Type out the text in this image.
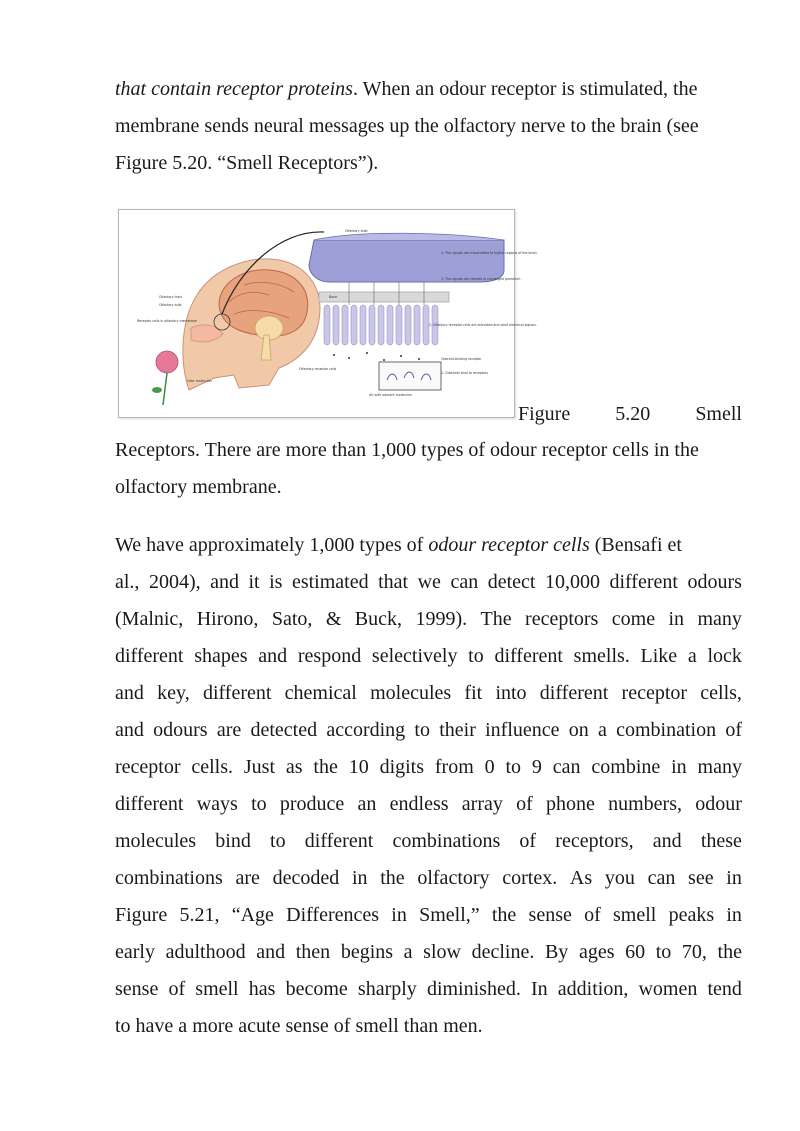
that contain receptor proteins. When an odour receptor is stimulated, the
membrane sends neural messages up the olfactory nerve to the brain (see
Figure 5.20. “Smell Receptors”).
Olfactory bulb
4. The signals are transmitted to higher regions of the brain.
3. The signals are relayed in converged glomeruli.
Bone
Olfactory tract
Olfactory bulb
Receptor cells in olfactory membrane
2. Olfactory receptor cells are activated and send electrical signals.
Odorant-binding receptor
Olfactory receptor cells
Odor molecules
Air with odorant molecules
1. Odorants bind to receptors
Figure 5.20 Smell
Receptors. There are more than 1,000 types of odour receptor cells in the
olfactory membrane.
We have approximately 1,000 types of odour receptor cells (Bensafi et
al., 2004), and it is estimated that we can detect 10,000 different odours
(Malnic, Hirono, Sato, & Buck, 1999). The receptors come in many
different shapes and respond selectively to different smells. Like a lock
and key, different chemical molecules fit into different receptor cells,
and odours are detected according to their influence on a combination of
receptor cells. Just as the 10 digits from 0 to 9 can combine in many
different ways to produce an endless array of phone numbers, odour
molecules bind to different combinations of receptors, and these
combinations are decoded in the olfactory cortex. As you can see in
Figure 5.21, “Age Differences in Smell,” the sense of smell peaks in
early adulthood and then begins a slow decline. By ages 60 to 70, the
sense of smell has become sharply diminished. In addition, women tend
to have a more acute sense of smell than men.
